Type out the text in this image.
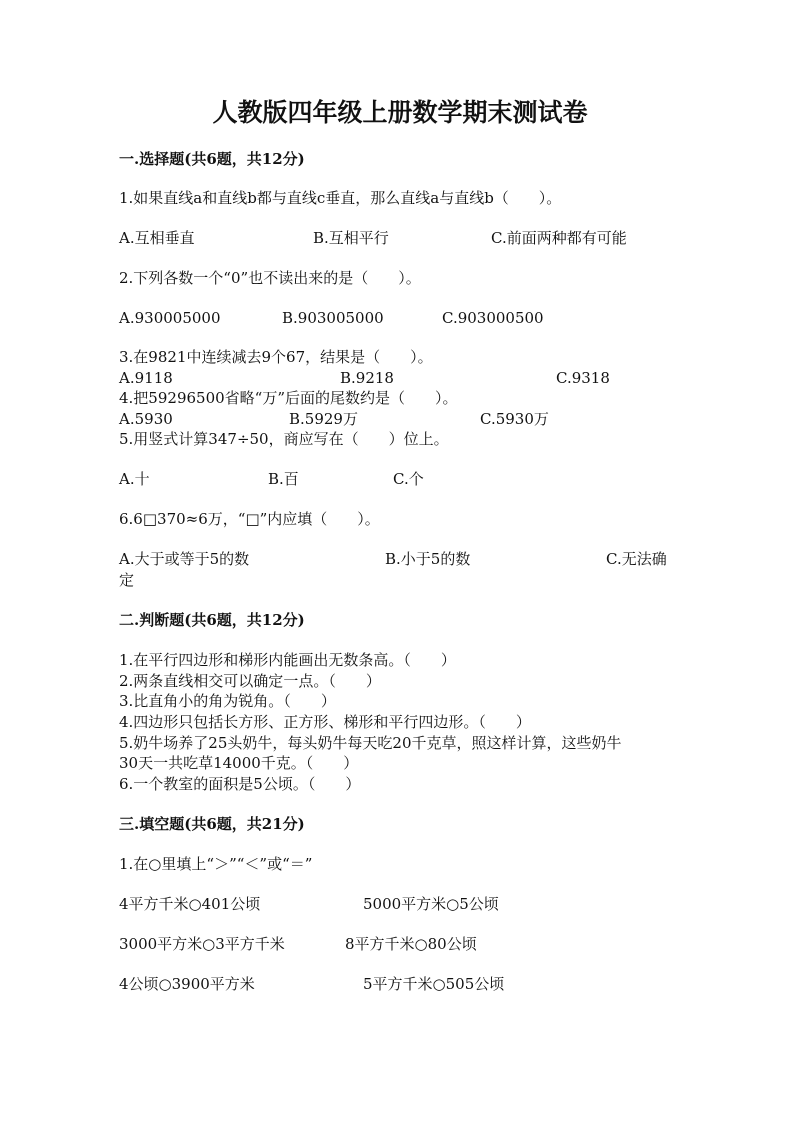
人教版四年级上册数学期末测试卷
一.选择题(共6题，共12分)
1.如果直线a和直线b都与直线c垂直，那么直线a与直线b（　　）。
A.互相垂直	B.互相平行	C.前面两种都有可能
2.下列各数一个“0”也不读出来的是（　　）。
A.930005000	B.903005000	C.903000500
3.在9821中连续减去9个67，结果是（　　）。
A.9118	B.9218	C.9318
4.把59296500省略“万”后面的尾数约是（　　）。
A.5930	B.5929万	C.5930万
5.用竖式计算347÷50，商应写在（　　）位上。
A.十	B.百	C.个
6.6□370≈6万，“□”内应填（　　）。
A.大于或等于5的数	B.小于5的数	C.无法确
定
二.判断题(共6题，共12分)
1.在平行四边形和梯形内能画出无数条高。（　　）
2.两条直线相交可以确定一点。（　　）
3.比直角小的角为锐角。（　　）
4.四边形只包括长方形、正方形、梯形和平行四边形。（　　）
5.奶牛场养了25头奶牛，每头奶牛每天吃20千克草，照这样计算，这些奶牛
30天一共吃草14000千克。（　　）
6.一个教室的面积是5公顷。（　　）
三.填空题(共6题，共21分)
1.在○里填上“＞”“＜”或“＝”
4平方千米○401公顷	5000平方米○5公顷
3000平方米○3平方千米	8平方千米○80公顷
4公顷○3900平方米	5平方千米○505公顷
